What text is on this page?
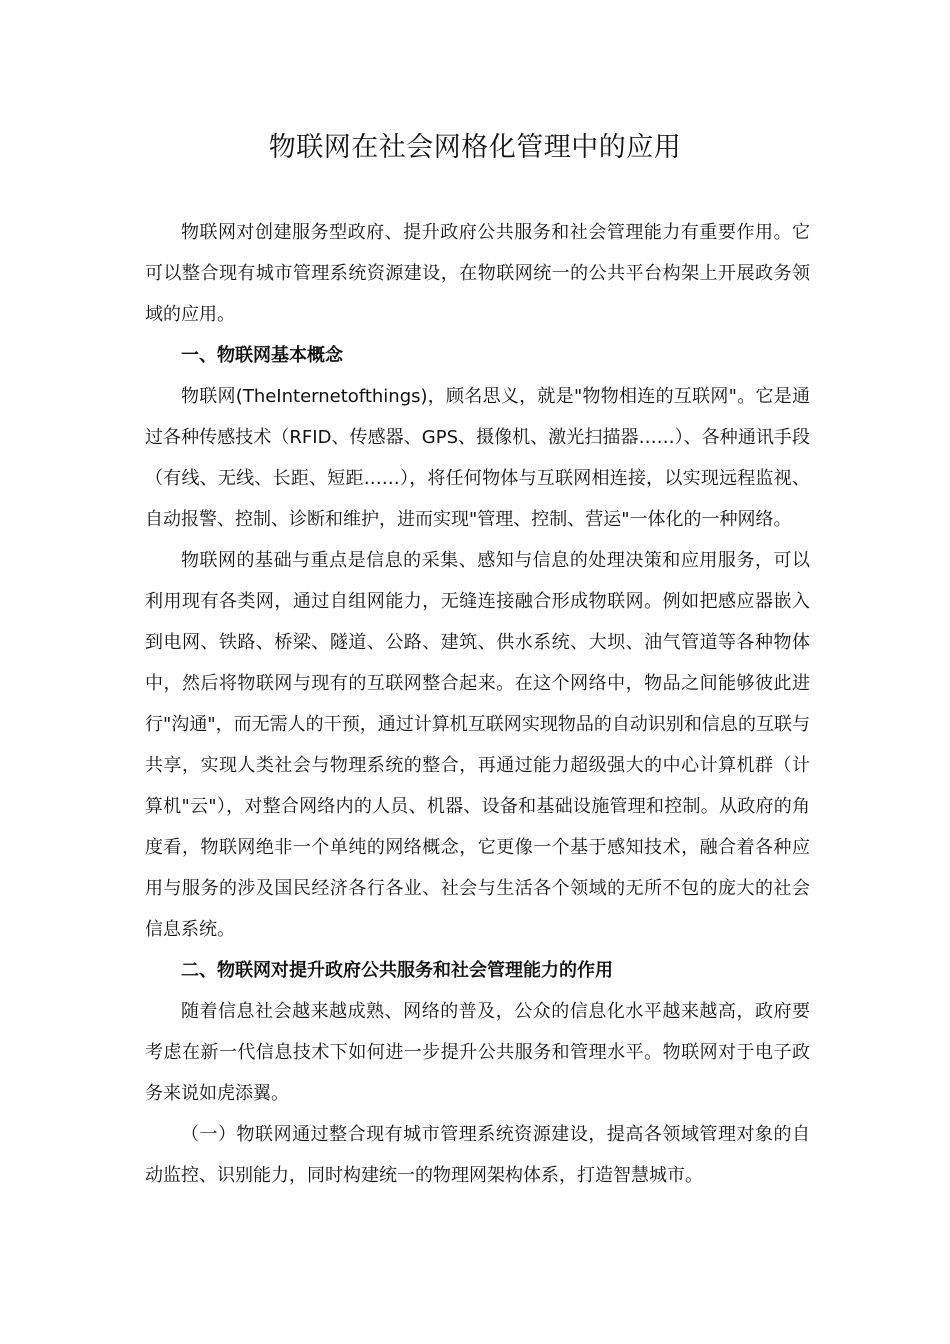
物联网在社会网格化管理中的应用

物联网对创建服务型政府、提升政府公共服务和社会管理能力有重要作用。它可以整合现有城市管理系统资源建设，在物联网统一的公共平台构架上开展政务领域的应用。

一、物联网基本概念

物联网(TheInternetofthings)，顾名思义，就是"物物相连的互联网"。它是通过各种传感技术（RFID、传感器、GPS、摄像机、激光扫描器……）、各种通讯手段（有线、无线、长距、短距……），将任何物体与互联网相连接，以实现远程监视、自动报警、控制、诊断和维护，进而实现"管理、控制、营运"一体化的一种网络。

物联网的基础与重点是信息的采集、感知与信息的处理决策和应用服务，可以利用现有各类网，通过自组网能力，无缝连接融合形成物联网。例如把感应器嵌入到电网、铁路、桥梁、隧道、公路、建筑、供水系统、大坝、油气管道等各种物体中，然后将物联网与现有的互联网整合起来。在这个网络中，物品之间能够彼此进行"沟通"，而无需人的干预，通过计算机互联网实现物品的自动识别和信息的互联与共享，实现人类社会与物理系统的整合，再通过能力超级强大的中心计算机群（计算机"云"），对整合网络内的人员、机器、设备和基础设施管理和控制。从政府的角度看，物联网绝非一个单纯的网络概念，它更像一个基于感知技术，融合着各种应用与服务的涉及国民经济各行各业、社会与生活各个领域的无所不包的庞大的社会信息系统。

二、物联网对提升政府公共服务和社会管理能力的作用

随着信息社会越来越成熟、网络的普及，公众的信息化水平越来越高，政府要考虑在新一代信息技术下如何进一步提升公共服务和管理水平。物联网对于电子政务来说如虎添翼。

（一）物联网通过整合现有城市管理系统资源建设，提高各领域管理对象的自动监控、识别能力，同时构建统一的物理网架构体系，打造智慧城市。
